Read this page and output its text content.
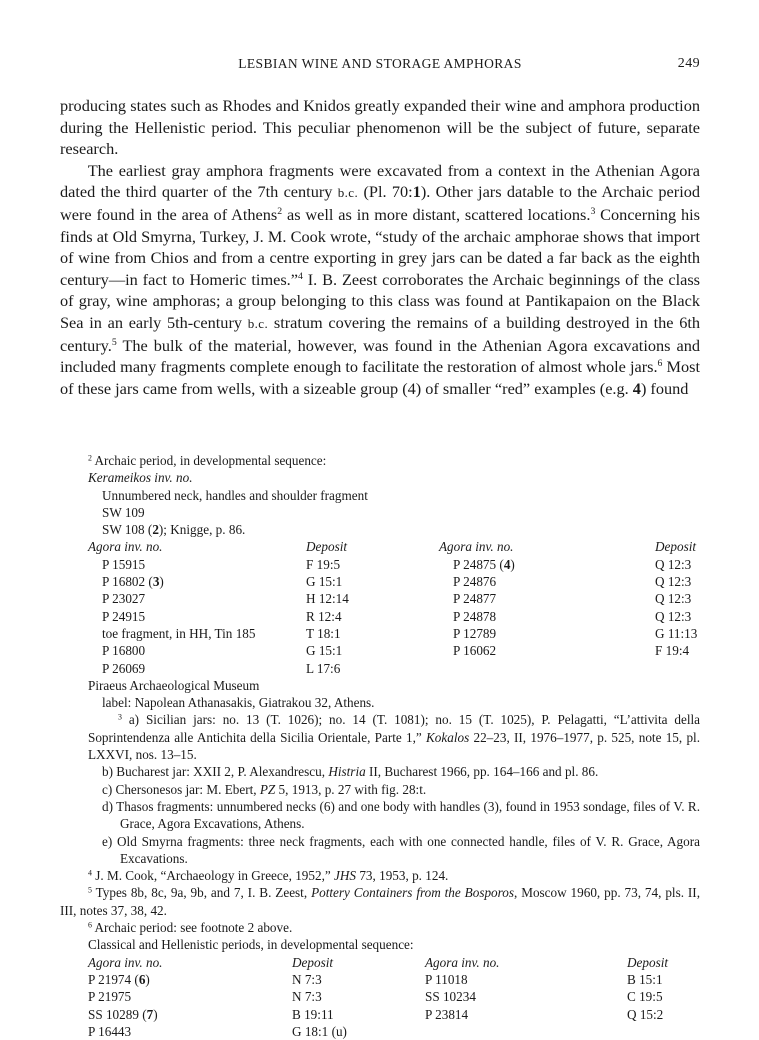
LESBIAN WINE AND STORAGE AMPHORAS	249

producing states such as Rhodes and Knidos greatly expanded their wine and amphora production during the Hellenistic period. This peculiar phenomenon will be the subject of future, separate research.

The earliest gray amphora fragments were excavated from a context in the Athenian Agora dated the third quarter of the 7th century b.c. (Pl. 70:1). Other jars datable to the Archaic period were found in the area of Athens$^2$ as well as in more distant, scattered locations.$^3$ Concerning his finds at Old Smyrna, Turkey, J. M. Cook wrote, “study of the archaic amphorae shows that import of wine from Chios and from a centre exporting in grey jars can be dated a far back as the eighth century—in fact to Homeric times.”$^4$ I. B. Zeest corroborates the Archaic beginnings of the class of gray, wine amphoras; a group belonging to this class was found at Pantikapaion on the Black Sea in an early 5th-century b.c. stratum covering the remains of a building destroyed in the 6th century.$^5$ The bulk of the material, however, was found in the Athenian Agora excavations and included many fragments complete enough to facilitate the restoration of almost whole jars.$^6$ Most of these jars came from wells, with a sizeable group (4) of smaller “red” examples (e.g. 4) found

$^2$ Archaic period, in developmental sequence:
Kerameikos inv. no.
Unnumbered neck, handles and shoulder fragment
SW 109
SW 108 (2); Knigge, p. 86.
Agora inv. no.	Deposit	Agora inv. no.	Deposit
P 15915	F 19:5	P 24875 (4)	Q 12:3
P 16802 (3)	G 15:1	P 24876	Q 12:3
P 23027	H 12:14	P 24877	Q 12:3
P 24915	R 12:4	P 24878	Q 12:3
toe fragment, in HH, Tin 185	T 18:1	P 12789	G 11:13
P 16800	G 15:1	P 16062	F 19:4
P 26069	L 17:6		
Piraeus Archaeological Museum
label: Napolean Athanasakis, Giatrakou 32, Athens.
$^3$ a) Sicilian jars: no. 13 (T. 1026); no. 14 (T. 1081); no. 15 (T. 1025), P. Pelagatti, “L’attivita della Soprintendenza alle Antichita della Sicilia Orientale, Parte 1,” Kokalos 22–23, II, 1976–1977, p. 525, note 15, pl. LXXVI, nos. 13–15.
b) Bucharest jar: XXII 2, P. Alexandrescu, Histria II, Bucharest 1966, pp. 164–166 and pl. 86.
c) Chersonesos jar: M. Ebert, PZ 5, 1913, p. 27 with fig. 28:t.
d) Thasos fragments: unnumbered necks (6) and one body with handles (3), found in 1953 sondage, files of V. R. Grace, Agora Excavations, Athens.
e) Old Smyrna fragments: three neck fragments, each with one connected handle, files of V. R. Grace, Agora Excavations.
$^4$ J. M. Cook, “Archaeology in Greece, 1952,” JHS 73, 1953, p. 124.
$^5$ Types 8b, 8c, 9a, 9b, and 7, I. B. Zeest, Pottery Containers from the Bosporos, Moscow 1960, pp. 73, 74, pls. II, III, notes 37, 38, 42.
$^6$ Archaic period: see footnote 2 above.
Classical and Hellenistic periods, in developmental sequence:
Agora inv. no.	Deposit	Agora inv. no.	Deposit
P 21974 (6)	N 7:3	P 11018	B 15:1
P 21975	N 7:3	SS 10234	C 19:5
SS 10289 (7)	B 19:11	P 23814	Q 15:2
P 16443	G 18:1 (u)		
